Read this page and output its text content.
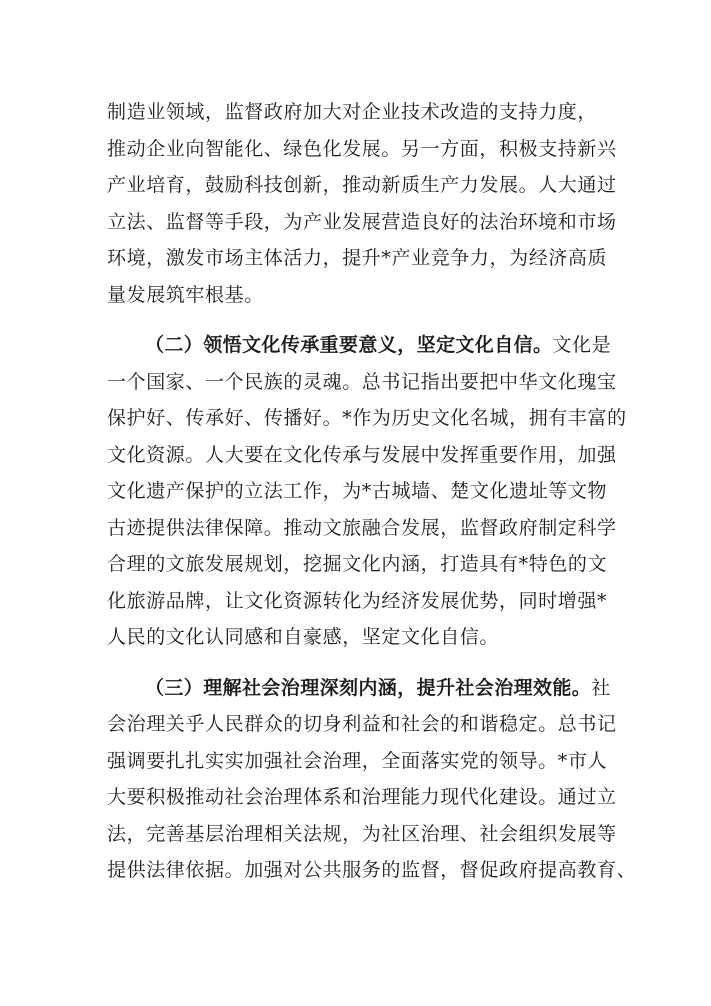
制造业领域，监督政府加大对企业技术改造的支持力度，
推动企业向智能化、绿色化发展。另一方面，积极支持新兴
产业培育，鼓励科技创新，推动新质生产力发展。人大通过
立法、监督等手段，为产业发展营造良好的法治环境和市场
环境，激发市场主体活力，提升*产业竞争力，为经济高质
量发展筑牢根基。
（二）领悟文化传承重要意义，坚定文化自信。文化是
一个国家、一个民族的灵魂。总书记指出要把中华文化瑰宝
保护好、传承好、传播好。*作为历史文化名城，拥有丰富的
文化资源。人大要在文化传承与发展中发挥重要作用，加强
文化遗产保护的立法工作，为*古城墙、楚文化遗址等文物
古迹提供法律保障。推动文旅融合发展，监督政府制定科学
合理的文旅发展规划，挖掘文化内涵，打造具有*特色的文
化旅游品牌，让文化资源转化为经济发展优势，同时增强*
人民的文化认同感和自豪感，坚定文化自信。
（三）理解社会治理深刻内涵，提升社会治理效能。社
会治理关乎人民群众的切身利益和社会的和谐稳定。总书记
强调要扎扎实实加强社会治理，全面落实党的领导。*市人
大要积极推动社会治理体系和治理能力现代化建设。通过立
法，完善基层治理相关法规，为社区治理、社会组织发展等
提供法律依据。加强对公共服务的监督，督促政府提高教育、
